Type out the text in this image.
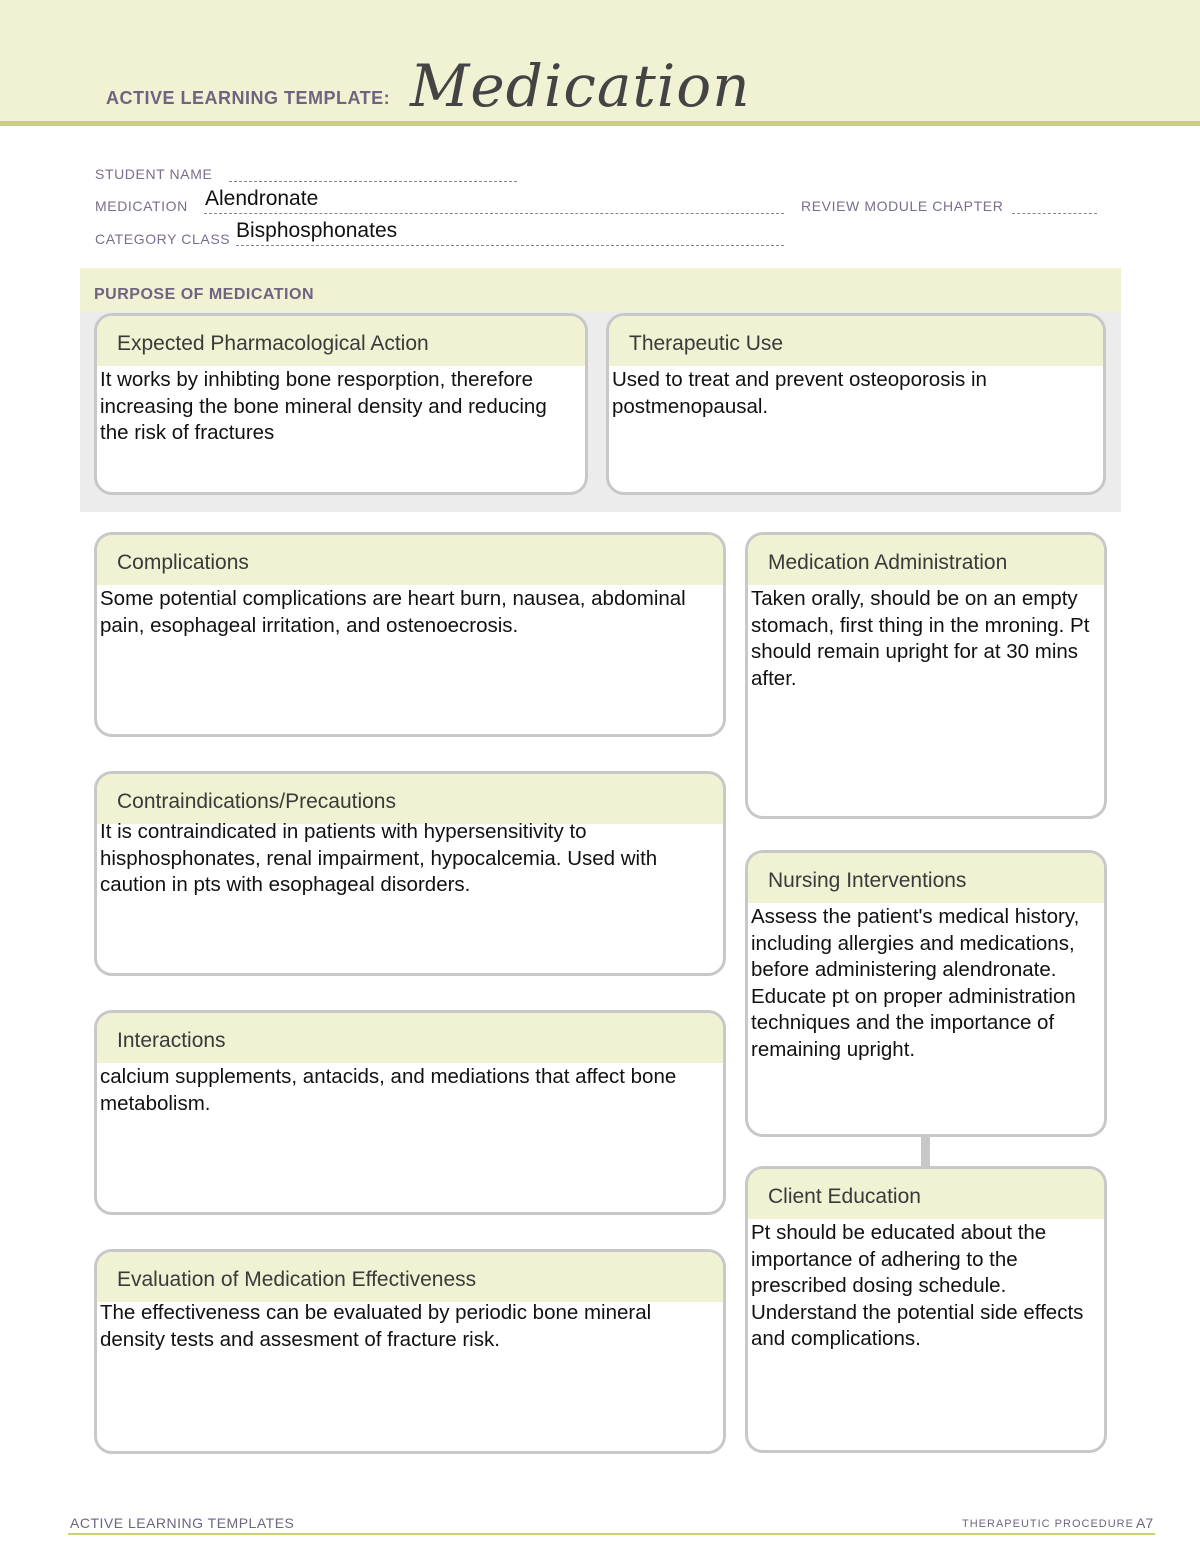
ACTIVE LEARNING TEMPLATE: Medication
STUDENT NAME
MEDICATION Alendronate	REVIEW MODULE CHAPTER
CATEGORY CLASS Bisphosphonates
PURPOSE OF MEDICATION
Expected Pharmacological Action
It works by inhibting bone resporption, therefore increasing the bone mineral density and reducing the risk of fractures
Therapeutic Use
Used to treat and prevent osteoporosis in postmenopausal.
Complications
Some potential complications are heart burn, nausea, abdominal pain, esophageal irritation, and ostenoecrosis.
Contraindications/Precautions
It is contraindicated in patients with hypersensitivity to hisphosphonates, renal impairment, hypocalcemia. Used with caution in pts with esophageal disorders.
Interactions
calcium supplements, antacids, and mediations that affect bone metabolism.
Evaluation of Medication Effectiveness
The effectiveness can be evaluated by periodic bone mineral density tests and assesment of fracture risk.
Medication Administration
Taken orally, should be on an empty stomach, first thing in the mroning. Pt should remain upright for at 30 mins after.
Nursing Interventions
Assess the patient's medical history, including allergies and medications, before administering alendronate. Educate pt on proper administration techniques and the importance of remaining upright.
Client Education
Pt should be educated about the importance of adhering to the prescribed dosing schedule. Understand the potential side effects and complications.
ACTIVE LEARNING TEMPLATES	THERAPEUTIC PROCEDURE A7
